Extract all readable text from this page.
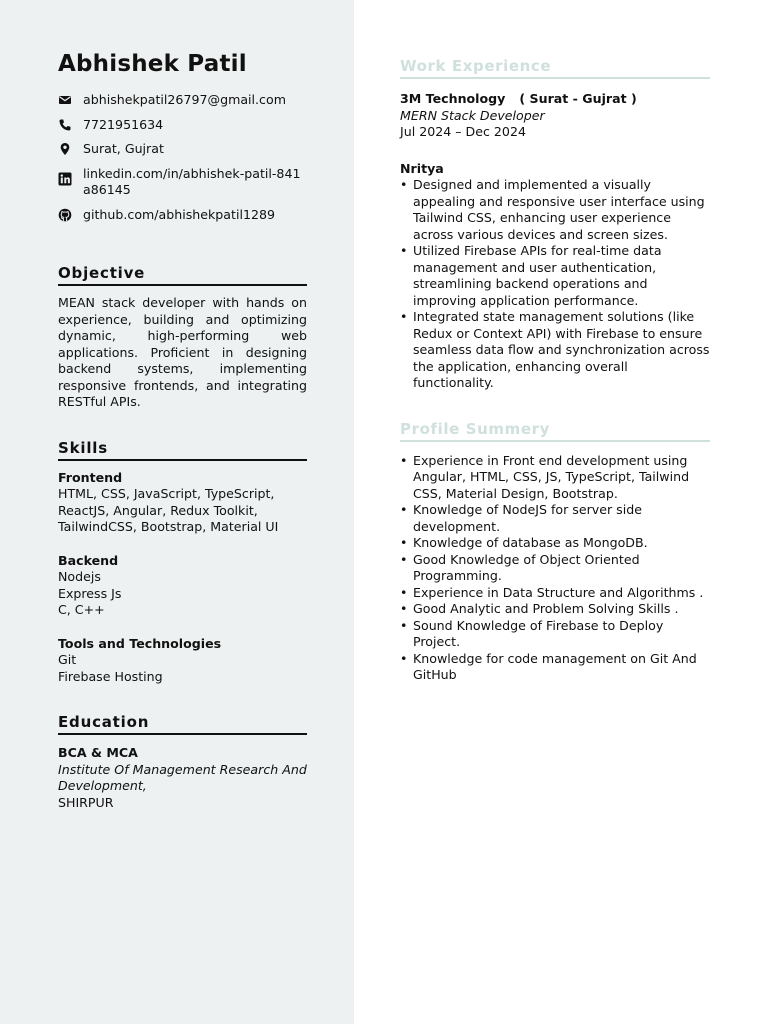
Abhishek Patil
abhishekpatil26797@gmail.com
7721951634
Surat, Gujrat
linkedin.com/in/abhishek-patil-841a86145
github.com/abhishekpatil1289
Objective

MEAN stack developer with hands on experience, building and optimizing dynamic, high-performing web applications. Proficient in designing backend systems, implementing responsive frontends, and integrating RESTful APIs.

Skills
Frontend
HTML, CSS, JavaScript, TypeScript, ReactJS, Angular, Redux Toolkit, TailwindCSS, Bootstrap, Material UI
Backend
Nodejs
Express Js
C, C++
Tools and Technologies
Git
Firebase Hosting
Education
BCA & MCA
Institute Of Management Research And Development,
SHIRPUR
Work Experience
3M Technology ( Surat - Gujrat )
MERN Stack Developer
Jul 2024 – Dec 2024
Nritya
• Designed and implemented a visually appealing and responsive user interface using Tailwind CSS, enhancing user experience across various devices and screen sizes.
• Utilized Firebase APIs for real-time data management and user authentication, streamlining backend operations and improving application performance.
• Integrated state management solutions (like Redux or Context API) with Firebase to ensure seamless data flow and synchronization across the application, enhancing overall functionality.
Profile Summery
• Experience in Front end development using Angular, HTML, CSS, JS, TypeScript, Tailwind CSS, Material Design, Bootstrap.
• Knowledge of NodeJS for server side development.
• Knowledge of database as MongoDB.
• Good Knowledge of Object Oriented Programming.
• Experience in Data Structure and Algorithms .
• Good Analytic and Problem Solving Skills .
• Sound Knowledge of Firebase to Deploy Project.
• Knowledge for code management on Git And GitHub
